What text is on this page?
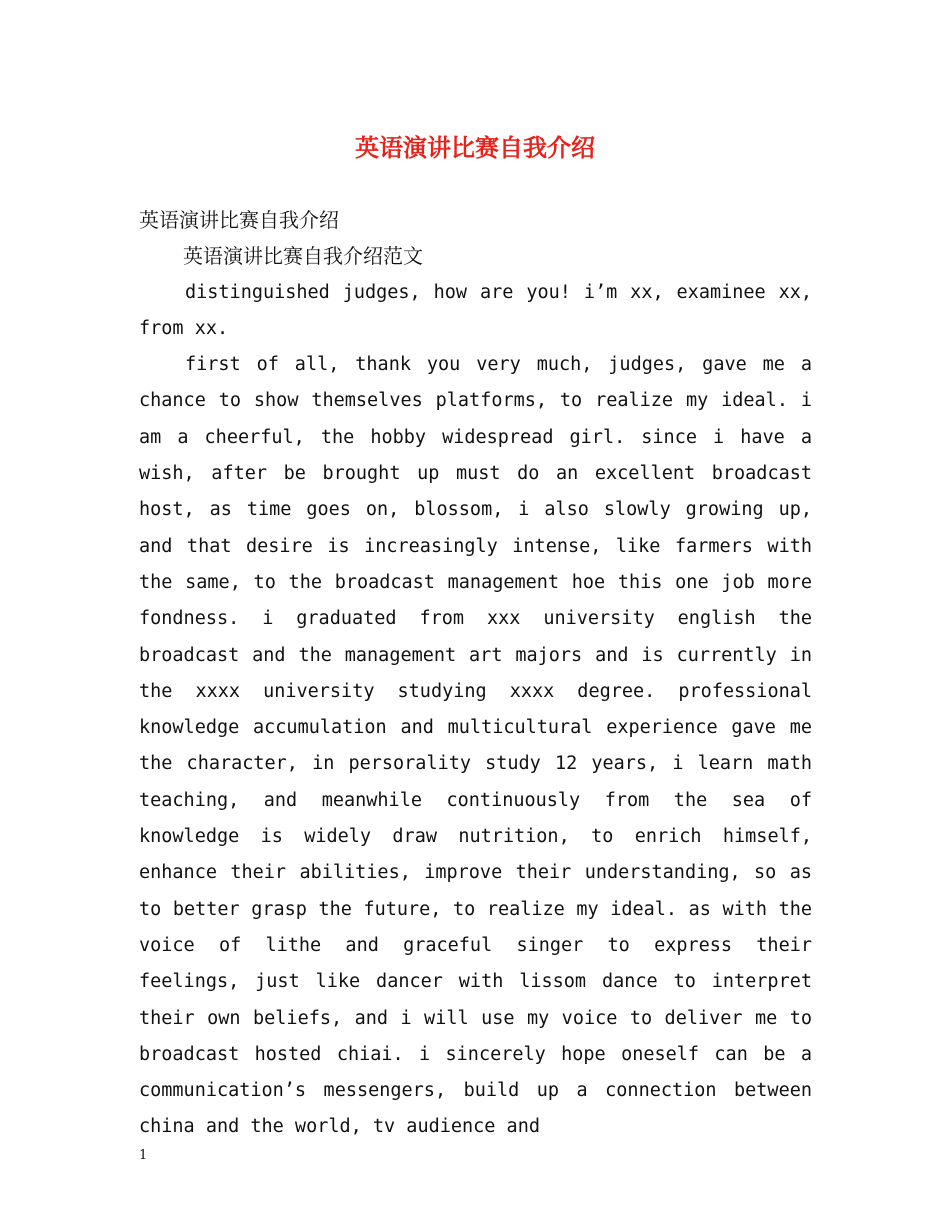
英语演讲比赛自我介绍

英语演讲比赛自我介绍

英语演讲比赛自我介绍范文

distinguished judges, how are you! i’m xx, examinee xx, from xx.

first of all, thank you very much, judges, gave me a chance to show themselves platforms, to realize my ideal. i am a cheerful, the hobby widespread girl. since i have a wish, after be brought up must do an excellent broadcast host, as time goes on, blossom, i also slowly growing up, and that desire is increasingly intense, like farmers with the same, to the broadcast management hoe this one job more fondness. i graduated from xxx university english the broadcast and the management art majors and is currently in the xxxx university studying xxxx degree. professional knowledge accumulation and multicultural experience gave me the character, in persorality study 12 years, i learn math teaching, and meanwhile continuously from the sea of knowledge is widely draw nutrition, to enrich himself, enhance their abilities, improve their understanding, so as to better grasp the future, to realize my ideal. as with the voice of lithe and graceful singer to express their feelings, just like dancer with lissom dance to interpret their own beliefs, and i will use my voice to deliver me to broadcast hosted chiai. i sincerely hope oneself can be a communication’s messengers, build up a connection between china and the world, tv audience and

1
